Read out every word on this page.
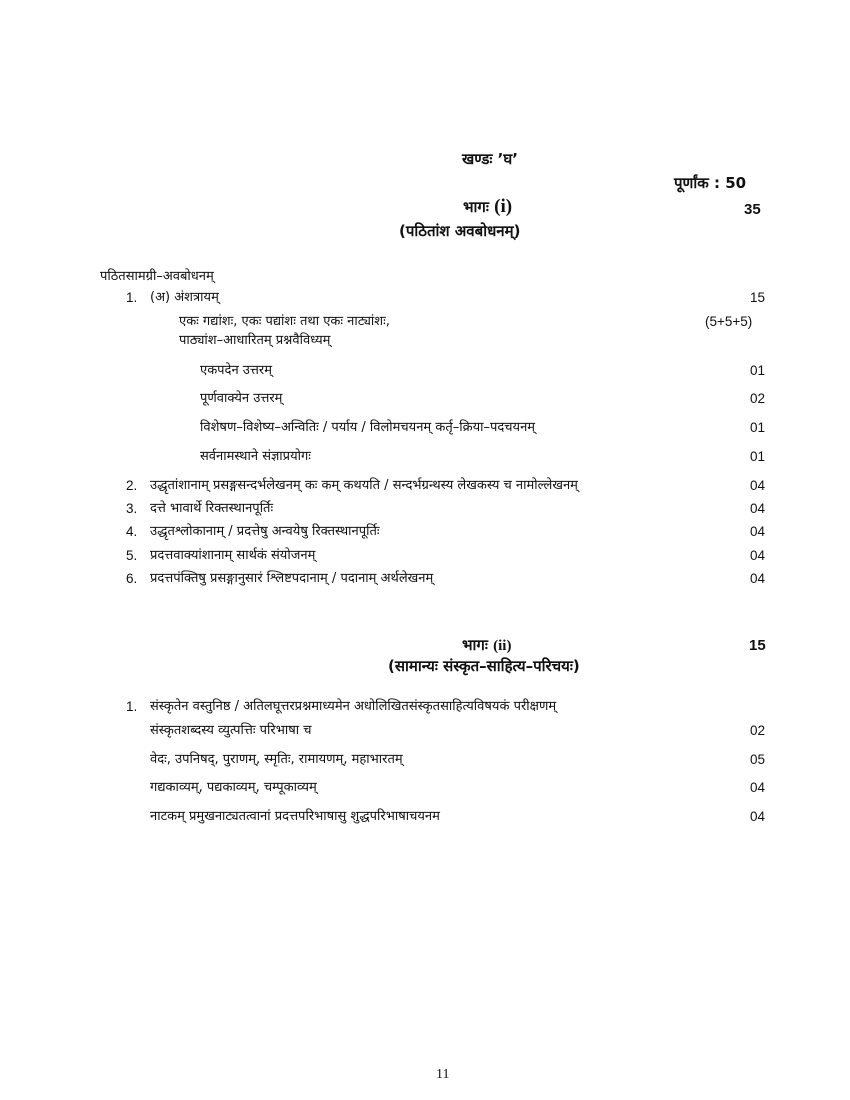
खण्डः ’घ’
पूर्णांक : 50
भागः (i)	35
(पठितांश अवबोधनम्)
पठितसामग्री–अवबोधनम्
1. (अ) अंशत्रायम्	15
एकः गद्यांशः, एकः पद्यांशः तथा एकः नाट्यांशः,	(5+5+5)
पाठ्यांश–आधारितम् प्रश्नवैविध्यम्
एकपदेन उत्तरम्	01
पूर्णवाक्येन उत्तरम्	02
विशेषण–विशेष्य–अन्वितिः / पर्याय / विलोमचयनम् कर्तृ–क्रिया–पदचयनम्	01
सर्वनामस्थाने संज्ञाप्रयोगः	01
2. उद्धृतांशानाम् प्रसङ्गसन्दर्भलेखनम् कः कम् कथयति / सन्दर्भग्रन्थस्य लेखकस्य च नामोल्लेखनम्	04
3. दत्ते भावार्थे रिक्तस्थानपूर्तिः	04
4. उद्धृतश्लोकानाम् / प्रदत्तेषु अन्वयेषु रिक्तस्थानपूर्तिः	04
5. प्रदत्तवाक्यांशानाम् सार्थकं संयोजनम्	04
6. प्रदत्तपंक्तिषु प्रसङ्गानुसारं श्लिष्टपदानाम् / पदानाम् अर्थलेखनम्	04
भागः (ii)	15
(सामान्यः संस्कृत–साहित्य–परिचयः)
1. संस्कृतेन वस्तुनिष्ठ / अतिलघूत्तरप्रश्नमाध्यमेन अधोलिखितसंस्कृतसाहित्यविषयकं परीक्षणम्
संस्कृतशब्दस्य व्युत्पत्तिः परिभाषा च	02
वेदः, उपनिषद्, पुराणम्, स्मृतिः, रामायणम्, महाभारतम्	05
गद्यकाव्यम्, पद्यकाव्यम्, चम्पूकाव्यम्	04
नाटकम् प्रमुखनाट्यतत्वानां प्रदत्तपरिभाषासु शुद्धपरिभाषाचयनम	04
11
